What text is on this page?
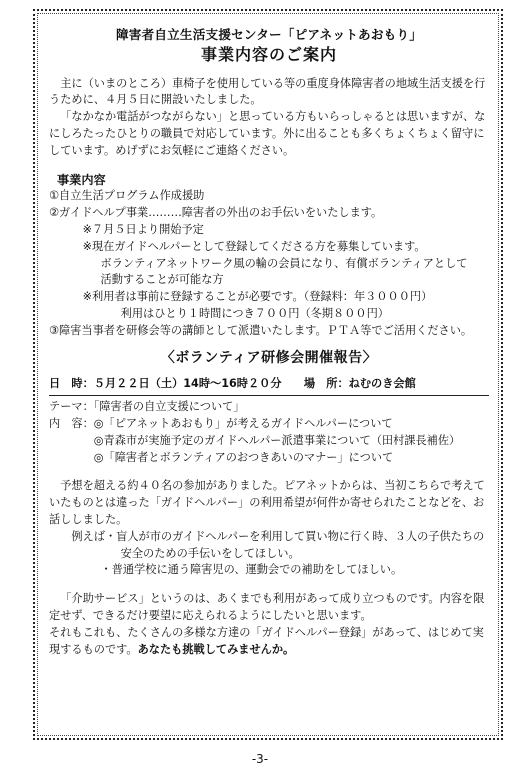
障害者自立生活支援センター「ピアネットあおもり」
事業内容のご案内

主に（いまのところ）車椅子を使用している等の重度身体障害者の地域生活支援を行うために、４月５日に開設いたしました。

「なかなか電話がつながらない」と思っている方もいらっしゃるとは思いますが、なにしろたったひとりの職員で対応しています。外に出ることも多くちょくちょく留守にしています。めげずにお気軽にご連絡ください。

事業内容

①自立生活プログラム作成援助

②ガイドヘルプ事業………障害者の外出のお手伝いをいたします。

※７月５日より開始予定

※現在ガイドヘルパーとして登録してくださる方を募集しています。

ボランティアネットワーク風の輪の会員になり、有償ボランティアとして

活動することが可能な方

※利用者は事前に登録することが必要です。（登録料：年３０００円）

利用はひとり１時間につき７００円（冬期８００円）

③障害当事者を研修会等の講師として派遣いたします。ＰＴＡ等でご活用ください。

〈ボランティア研修会開催報告〉

日　時：５月２２日（土）14時〜16時２０分　　場　所：ねむのき会館

テーマ：「障害者の自立支援について」

内　容：◎「ピアネットあおもり」が考えるガイドヘルパーについて

◎青森市が実施予定のガイドヘルパー派遣事業について（田村課長補佐）

◎「障害者とボランティアのおつきあいのマナー」について

予想を超える約４０名の参加がありました。ピアネットからは、当初こちらで考えていたものとは違った「ガイドヘルパー」の利用希望が何件か寄せられたことなどを、お話ししました。

例えば・盲人が市のガイドヘルパーを利用して買い物に行く時、３人の子供たちの

安全のための手伝いをしてほしい。

・普通学校に通う障害児の、運動会での補助をしてほしい。

「介助サービス」というのは、あくまでも利用があって成り立つものです。内容を限定せず、できるだけ要望に応えられるようにしたいと思います。

それもこれも、たくさんの多様な方達の「ガイドヘルパー登録」があって、はじめて実現するものです。あなたも挑戦してみませんか。

-3-
